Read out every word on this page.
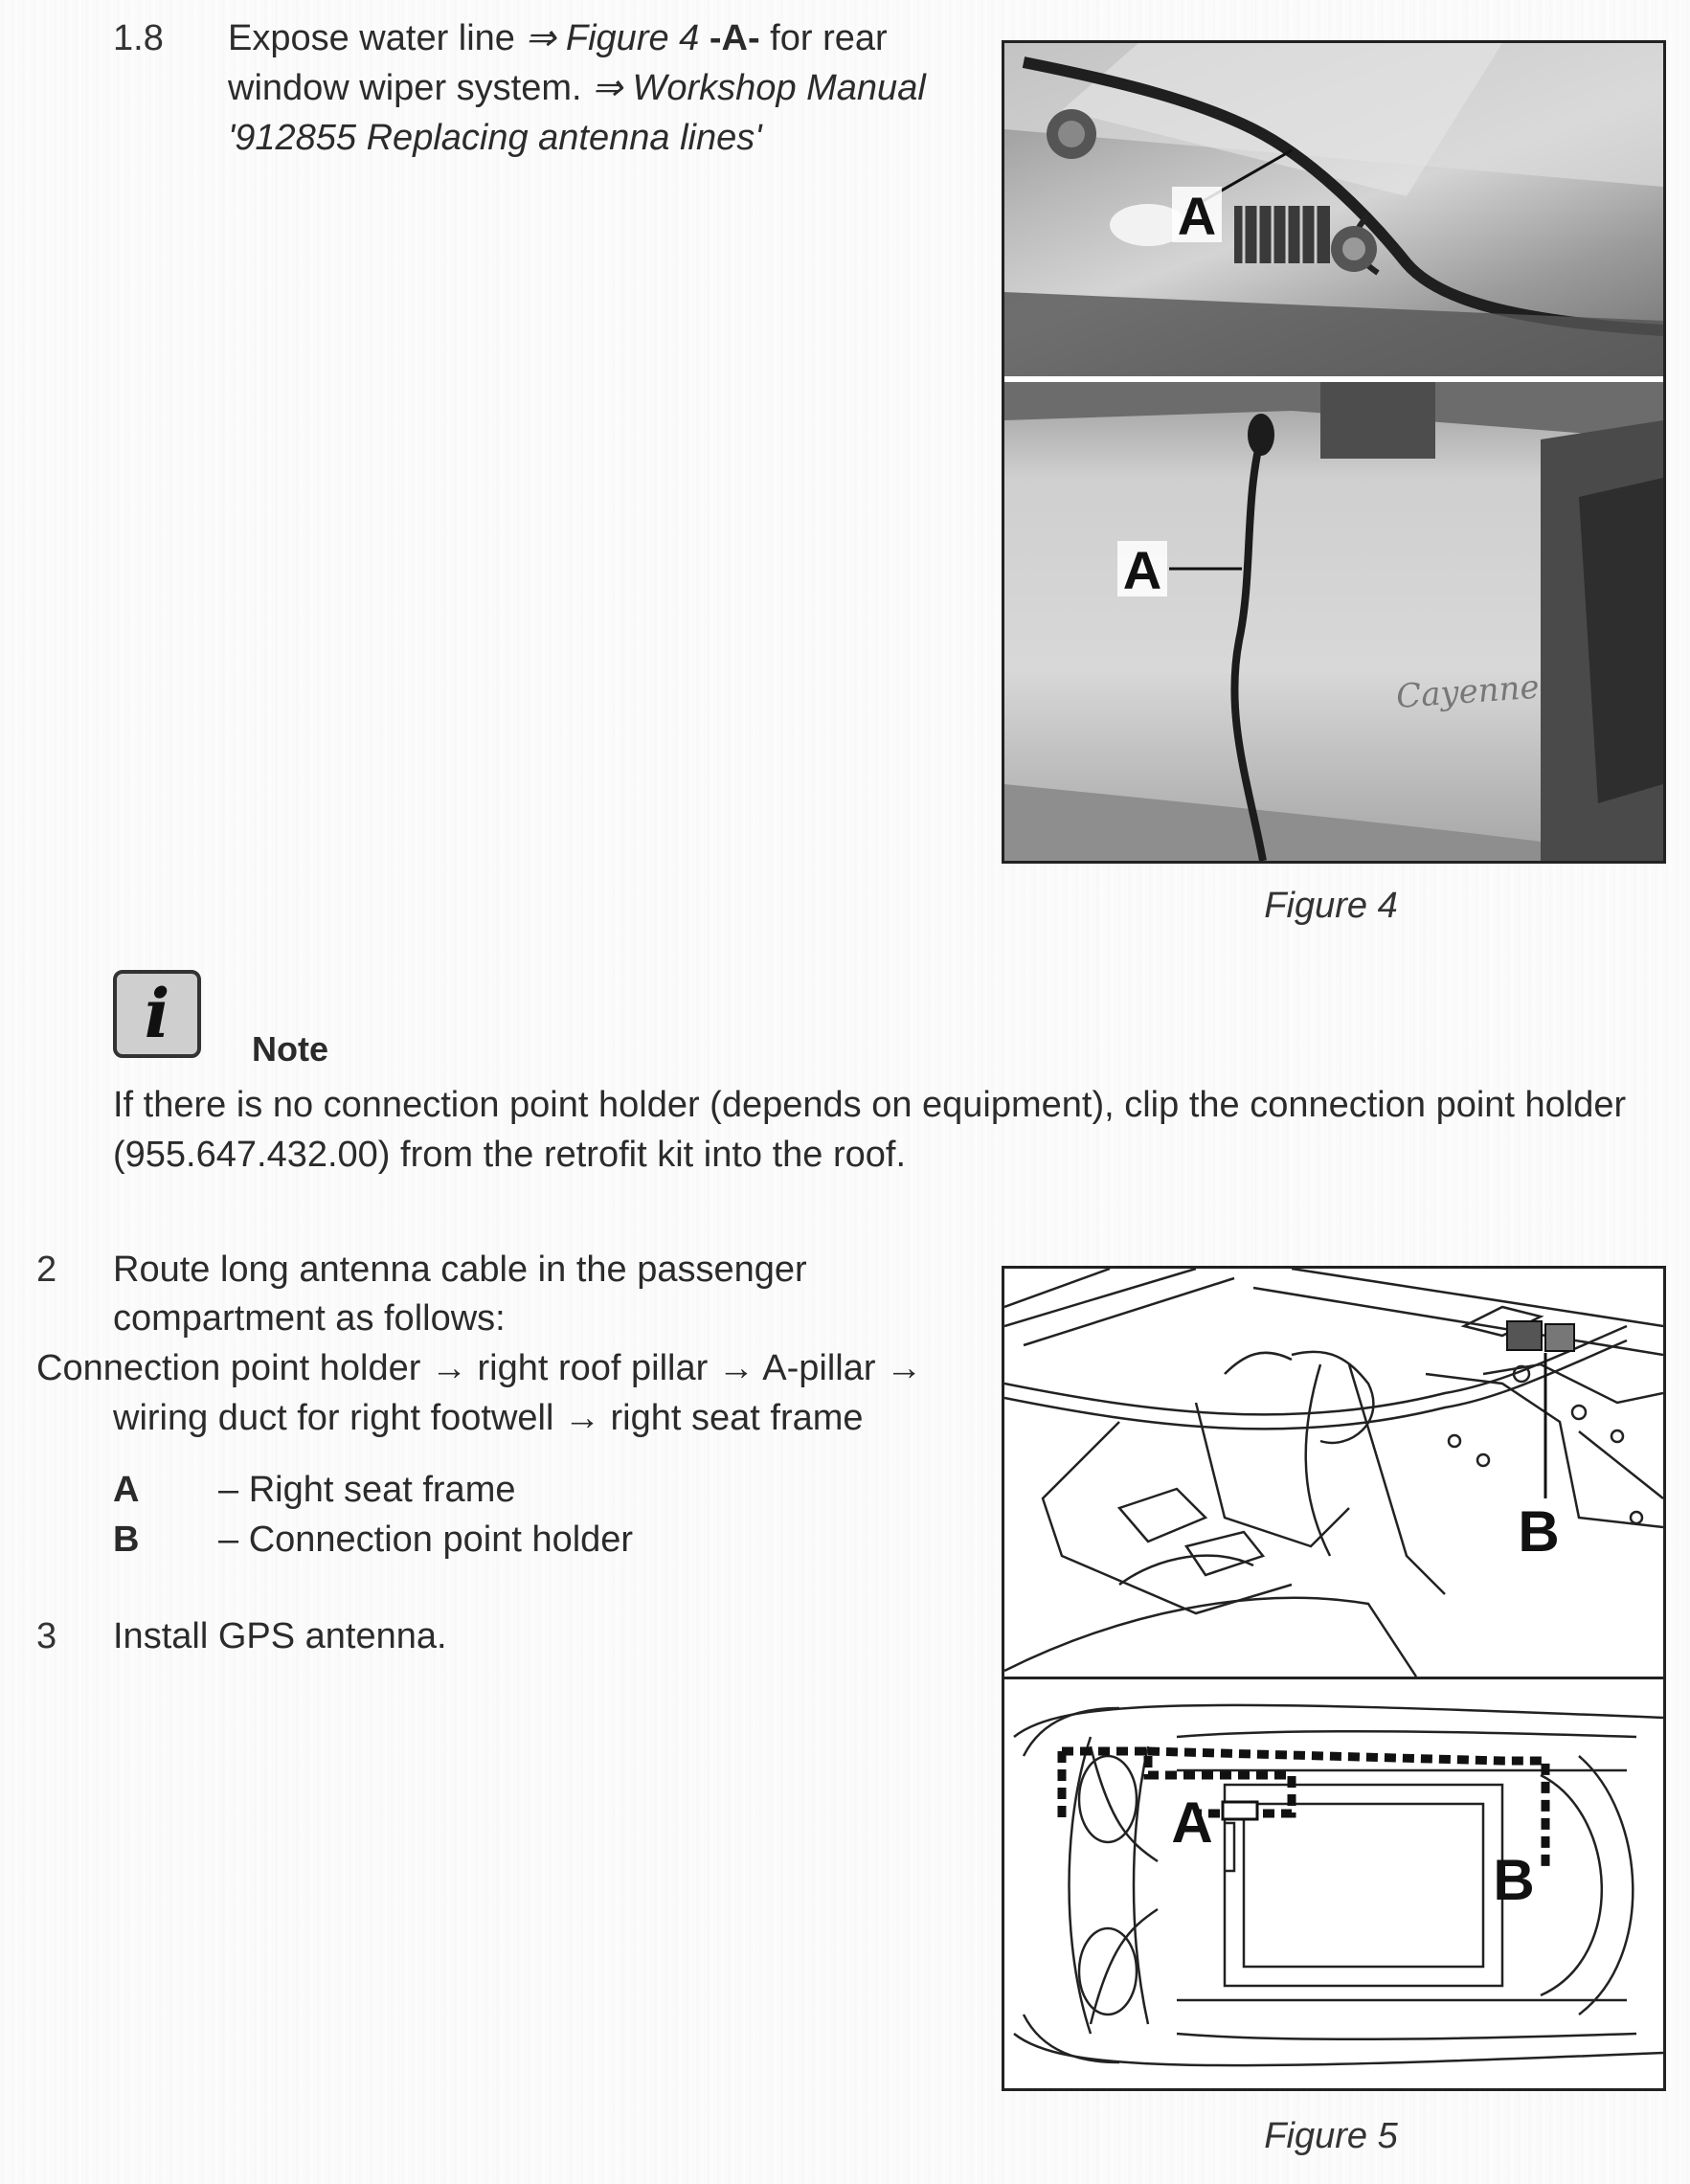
1.8 Expose water line ⇒ Figure 4 -A- for rear
window wiper system. ⇒ Workshop Manual
'912855 Replacing antenna lines'
A
A
Cayenne
Figure 4
i	Note
If there is no connection point holder (depends on equipment), clip the connection point holder
(955.647.432.00) from the retrofit kit into the roof.
2 Route long antenna cable in the passenger
compartment as follows:
Connection point holder → right roof pillar → A-pillar →
wiring duct for right footwell → right seat frame
A – Right seat frame
B – Connection point holder
3 Install GPS antenna.
B
A
B
Figure 5
